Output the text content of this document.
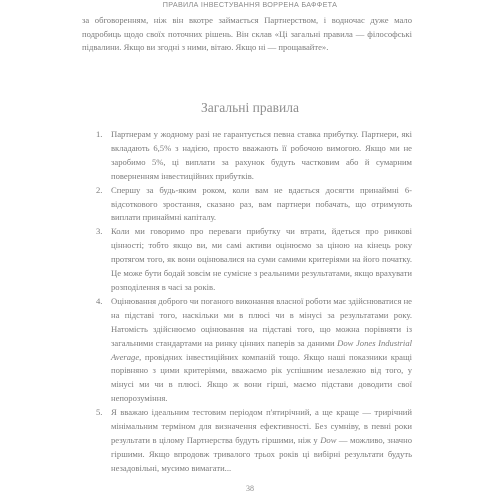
ПРАВИЛА ІНВЕСТУВАННЯ ВОРРЕНА БАФФЕТА

за обговоренням, ніж він вкотре займається Партнерством, і водночас дуже мало подробиць щодо своїх поточних рішень. Він склав «Ці загальні правила — філософські підвалини. Якщо ви згодні з ними, вітаю. Якщо ні — прощавайте».

Загальні правила
1. Партнерам у жодному разі не гарантується певна ставка прибутку. Партнери, які вкладають 6,5% з надією, просто вважають її робочою вимогою. Якщо ми не заробимо 5%, ці виплати за рахунок будуть частковим або й сумарним поверненням інвестиційних прибутків.
2. Спершу за будь-яким роком, коли вам не вдається досягти принаймні 6-відсоткового зростання, сказано раз, вам партнери побачать, що отримують виплати принаймні капіталу.
3. Коли ми говоримо про переваги прибутку чи втрати, йдеться про ринкові цінності; тобто якщо ви, ми самі активи оцінюємо за ціною на кінець року протягом того, як вони оцінювалися на суми самими критеріями на його початку. Це може бути бодай зовсім не сумісне з реальними результатами, якщо врахувати розподілення в часі за років.
4. Оцінювання доброго чи поганого виконання власної роботи має здійснюватися не на підставі того, наскільки ми в плюсі чи в мінусі за результатами року. Натомість здійснюємо оцінювання на підставі того, що можна порівняти із загальними стандартами на ринку цінних паперів за даними Dow Jones Industrial Average, провідних інвестиційних компаній тощо. Якщо наші показники кращі порівняно з цими критеріями, вважаємо рік успішним незалежно від того, у мінусі ми чи в плюсі. Якщо ж вони гірші, маємо підстави доводити свої непорозуміння.
5. Я вважаю ідеальним тестовим періодом п'ятирічний, а ще краще — трирічний мінімальним терміном для визначення ефективності. Без сумніву, в певні роки результати в цілому Партнерства будуть гіршими, ніж у Dow — можливо, значно гіршими. Якщо впродовж тривалого трьох років ці вибірні результати будуть незадовільні, мусимо вимагати...
38
